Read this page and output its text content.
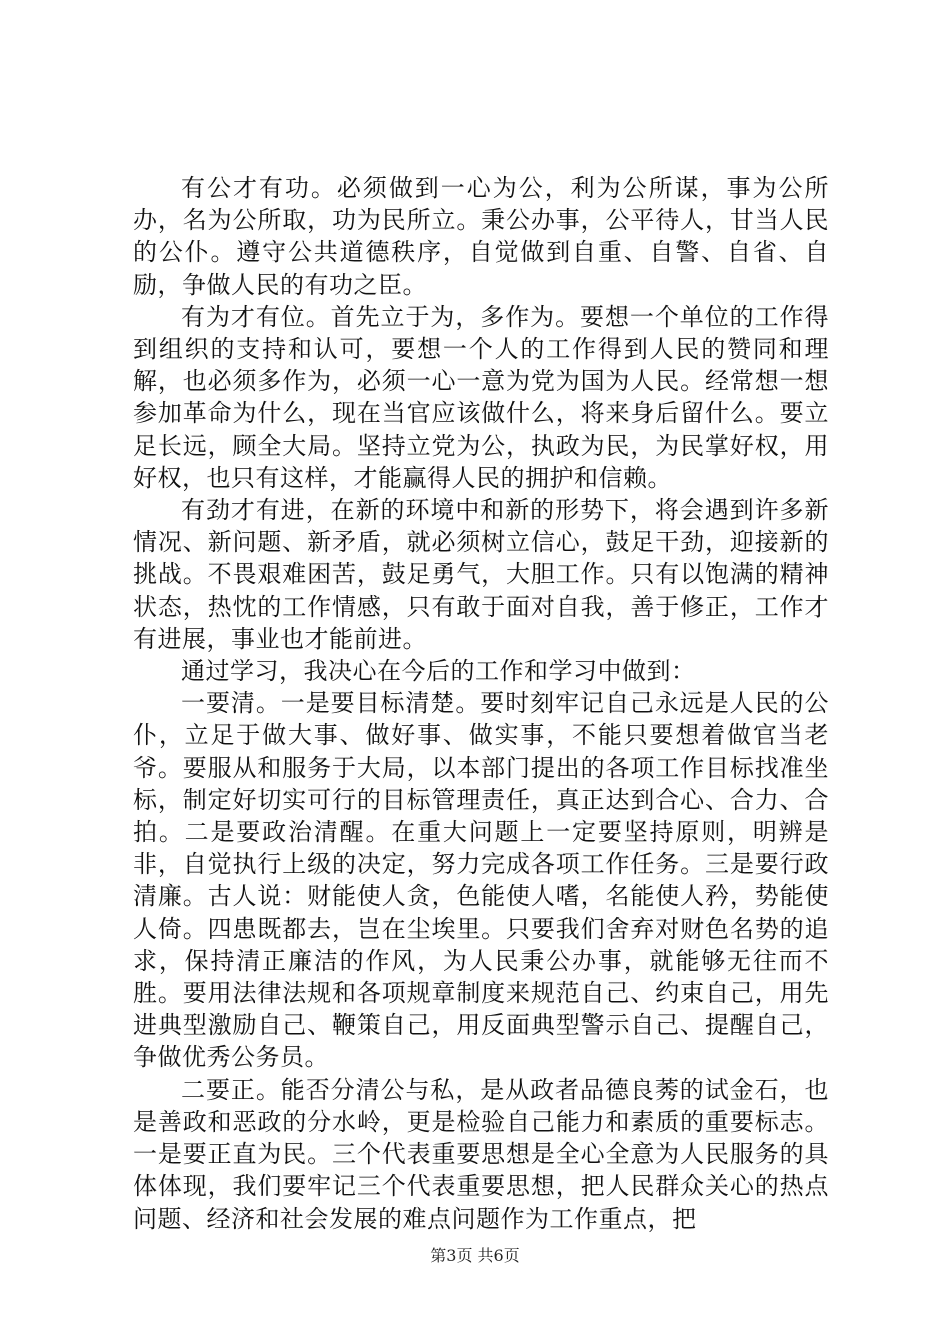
有公才有功。必须做到一心为公，利为公所谋，事为公所办，名为公所取，功为民所立。秉公办事，公平待人，甘当人民的公仆。遵守公共道德秩序，自觉做到自重、自警、自省、自励，争做人民的有功之臣。

有为才有位。首先立于为，多作为。要想一个单位的工作得到组织的支持和认可，要想一个人的工作得到人民的赞同和理解，也必须多作为，必须一心一意为党为国为人民。经常想一想参加革命为什么，现在当官应该做什么，将来身后留什么。要立足长远，顾全大局。坚持立党为公，执政为民，为民掌好权，用好权，也只有这样，才能赢得人民的拥护和信赖。

有劲才有进，在新的环境中和新的形势下，将会遇到许多新情况、新问题、新矛盾，就必须树立信心，鼓足干劲，迎接新的挑战。不畏艰难困苦，鼓足勇气，大胆工作。只有以饱满的精神状态，热忱的工作情感，只有敢于面对自我，善于修正，工作才有进展，事业也才能前进。

通过学习，我决心在今后的工作和学习中做到：

一要清。一是要目标清楚。要时刻牢记自己永远是人民的公仆，立足于做大事、做好事、做实事，不能只要想着做官当老爷。要服从和服务于大局，以本部门提出的各项工作目标找准坐标，制定好切实可行的目标管理责任，真正达到合心、合力、合拍。二是要政治清醒。在重大问题上一定要坚持原则，明辨是非，自觉执行上级的决定，努力完成各项工作任务。三是要行政清廉。古人说：财能使人贪，色能使人嗜，名能使人矜，势能使人倚。四患既都去，岂在尘埃里。只要我们舍弃对财色名势的追求，保持清正廉洁的作风，为人民秉公办事，就能够无往而不胜。要用法律法规和各项规章制度来规范自己、约束自己，用先进典型激励自己、鞭策自己，用反面典型警示自己、提醒自己，争做优秀公务员。

二要正。能否分清公与私，是从政者品德良莠的试金石，也是善政和恶政的分水岭，更是检验自己能力和素质的重要标志。一是要正直为民。三个代表重要思想是全心全意为人民服务的具体体现，我们要牢记三个代表重要思想，把人民群众关心的热点问题、经济和社会发展的难点问题作为工作重点，把

第3页 共6页
